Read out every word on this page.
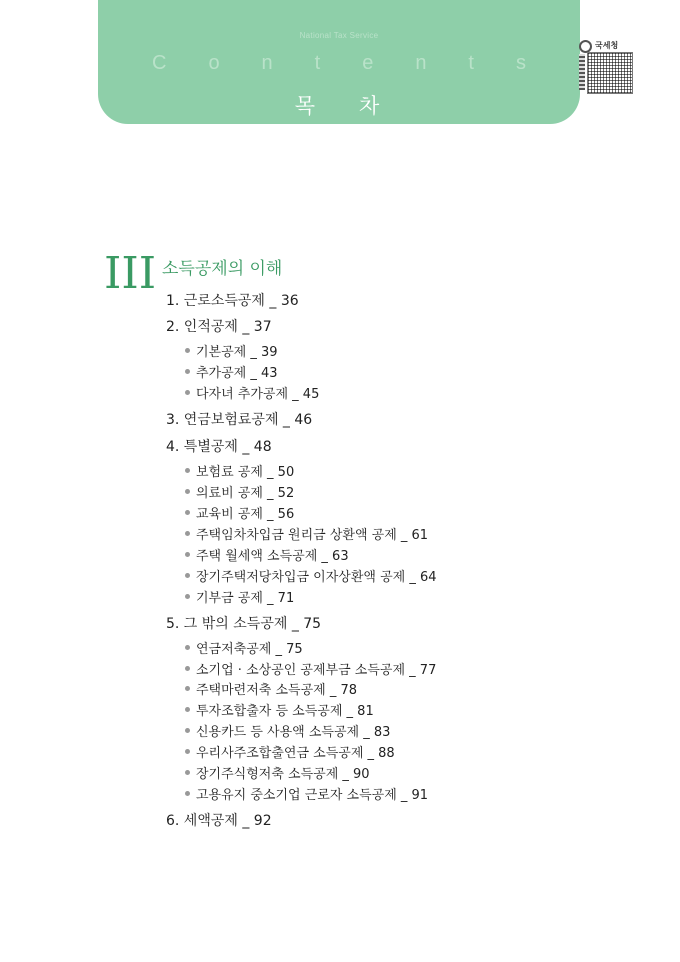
National Tax Service
C o n t e n t s
목차
국세청
III 소득공제의 이해
1. 근로소득공제 _ 36
2. 인적공제 _ 37
기본공제 _ 39
추가공제 _ 43
다자녀 추가공제 _ 45
3. 연금보험료공제 _ 46
4. 특별공제 _ 48
보험료 공제 _ 50
의료비 공제 _ 52
교육비 공제 _ 56
주택임차차입금 원리금 상환액 공제 _ 61
주택 월세액 소득공제 _ 63
장기주택저당차입금 이자상환액 공제 _ 64
기부금 공제 _ 71
5. 그 밖의 소득공제 _ 75
연금저축공제 _ 75
소기업 · 소상공인 공제부금 소득공제 _ 77
주택마련저축 소득공제 _ 78
투자조합출자 등 소득공제 _ 81
신용카드 등 사용액 소득공제 _ 83
우리사주조합출연금 소득공제 _ 88
장기주식형저축 소득공제 _ 90
고용유지 중소기업 근로자 소득공제 _ 91
6. 세액공제 _ 92
